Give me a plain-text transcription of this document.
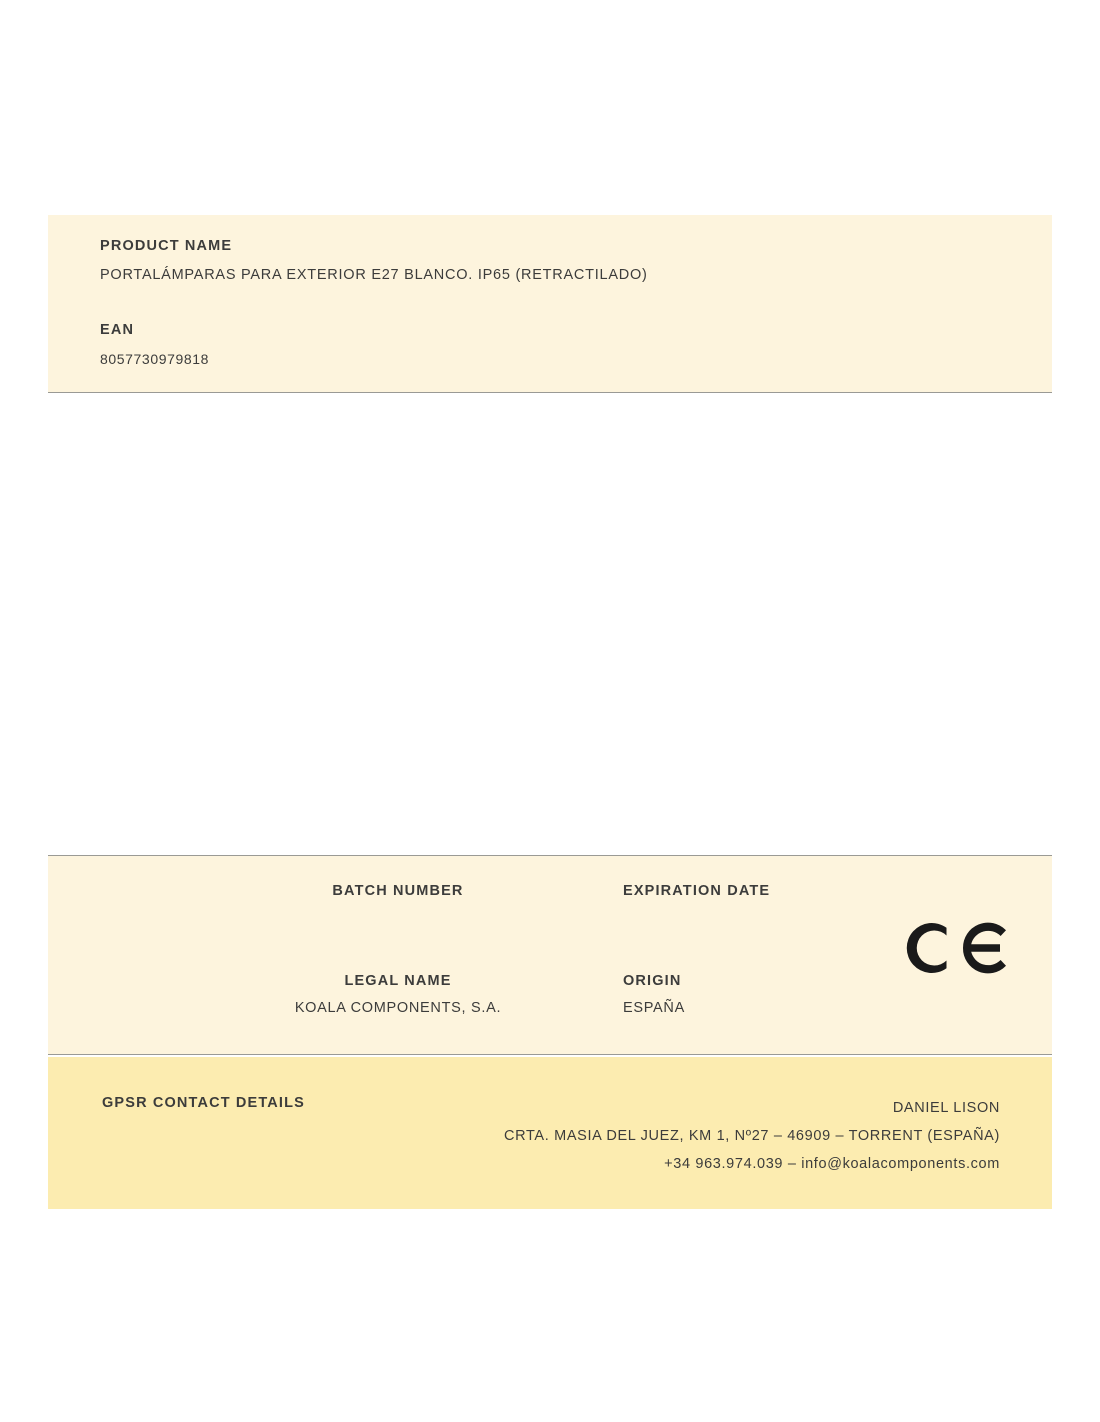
PRODUCT NAME
PORTALÁMPARAS PARA EXTERIOR E27 BLANCO. IP65 (RETRACTILADO)
EAN
8057730979818
BATCH NUMBER	EXPIRATION DATE
LEGAL NAME
KOALA COMPONENTS, S.A.
ORIGIN
ESPAÑA
GPSR CONTACT DETAILS	DANIEL LISON
CRTA. MASIA DEL JUEZ, KM 1, Nº27 – 46909 – TORRENT (ESPAÑA)
+34 963.974.039 – info@koalacomponents.com
